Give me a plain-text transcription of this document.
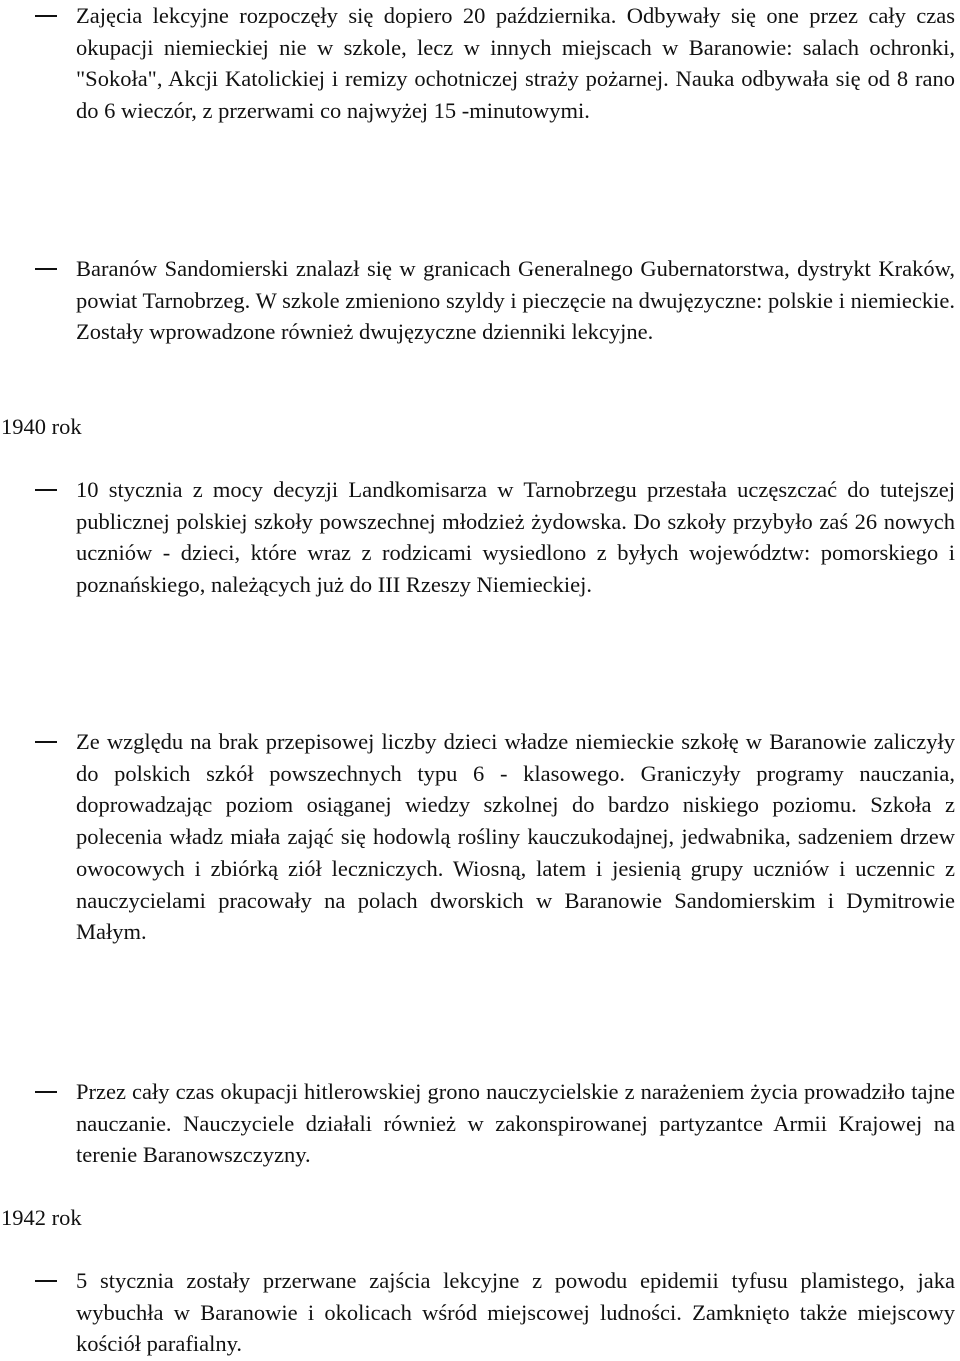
Zajęcia lekcyjne rozpoczęły się dopiero 20 października. Odbywały się one przez cały czas okupacji niemieckiej nie w szkole, lecz w innych miejscach w Baranowie: salach ochronki, "Sokoła", Akcji Katolickiej i remizy ochotniczej straży pożarnej. Nauka odbywała się od 8 rano do 6 wieczór, z przerwami co najwyżej 15 -minutowymi.
Baranów Sandomierski znalazł się w granicach Generalnego Gubernatorstwa, dystrykt Kraków, powiat Tarnobrzeg. W szkole zmieniono szyldy i pieczęcie na dwujęzyczne: polskie i niemieckie. Zostały wprowadzone również dwujęzyczne dzienniki lekcyjne.
1940 rok
10 stycznia z mocy decyzji Landkomisarza w Tarnobrzegu przestała uczęszczać do tutejszej publicznej polskiej szkoły powszechnej młodzież żydowska. Do szkoły przybyło zaś 26 nowych uczniów - dzieci, które wraz z rodzicami wysiedlono z byłych województw: pomorskiego i poznańskiego, należących już do III Rzeszy Niemieckiej.
Ze względu na brak przepisowej liczby dzieci władze niemieckie szkołę w Baranowie zaliczyły do polskich szkół powszechnych typu 6 - klasowego. Graniczyły programy nauczania, doprowadzając poziom osiąganej wiedzy szkolnej do bardzo niskiego poziomu. Szkoła z polecenia władz miała zająć się hodowlą rośliny kauczukodajnej, jedwabnika, sadzeniem drzew owocowych i zbiórką ziół leczniczych. Wiosną, latem i jesienią grupy uczniów i uczennic z nauczycielami pracowały na polach dworskich w Baranowie Sandomierskim i Dymitrowie Małym.
Przez cały czas okupacji hitlerowskiej grono nauczycielskie z narażeniem życia prowadziło tajne nauczanie. Nauczyciele działali również w zakonspirowanej partyzantce Armii Krajowej na terenie Baranowszczyzny.
1942 rok
5 stycznia zostały przerwane zajścia lekcyjne z powodu epidemii tyfusu plamistego, jaka wybuchła w Baranowie i okolicach wśród miejscowej ludności. Zamknięto także miejscowy kościół parafialny.
